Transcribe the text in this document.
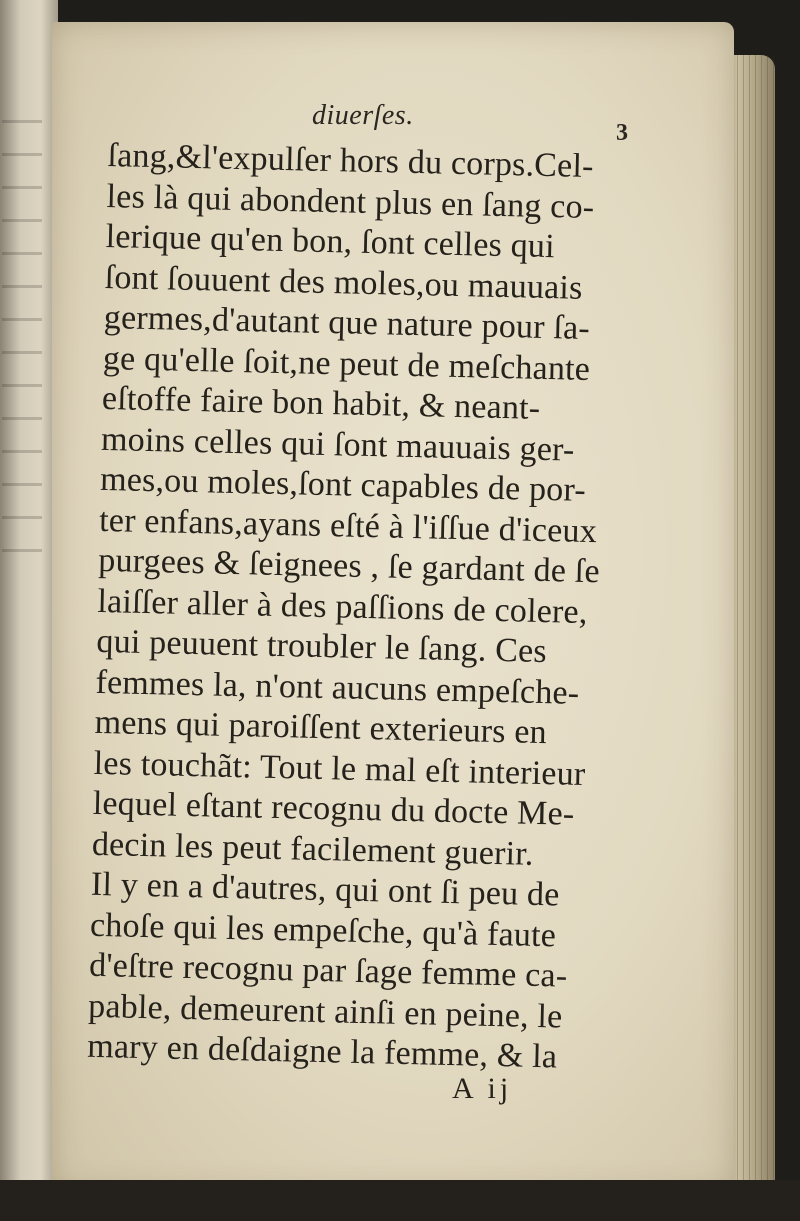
diuerſes.
3
ſang,&l'expulſer hors du corps.Cel-
les là qui abondent plus en ſang co-
lerique qu'en bon, ſont celles qui
ſont ſouuent des moles,ou mauuais
germes,d'autant que nature pour ſa-
ge qu'elle ſoit,ne peut de meſchante
eſtoffe faire bon habit, & neant-
moins celles qui ſont mauuais ger-
mes,ou moles,ſont capables de por-
ter enfans,ayans eſté à l'iſſue d'iceux
purgees & ſeignees , ſe gardant de ſe
laiſſer aller à des paſſions de colere,
qui peuuent troubler le ſang. Ces
femmes la, n'ont aucuns empeſche-
mens qui paroiſſent exterieurs en
les touchãt: Tout le mal eſt interieur
lequel eſtant recognu du docte Me-
decin les peut facilement guerir.
Il y en a d'autres, qui ont ſi peu de
choſe qui les empeſche, qu'à faute
d'eſtre recognu par ſage femme ca-
pable, demeurent ainſi en peine, le
mary en deſdaigne la femme, & la
A ij
